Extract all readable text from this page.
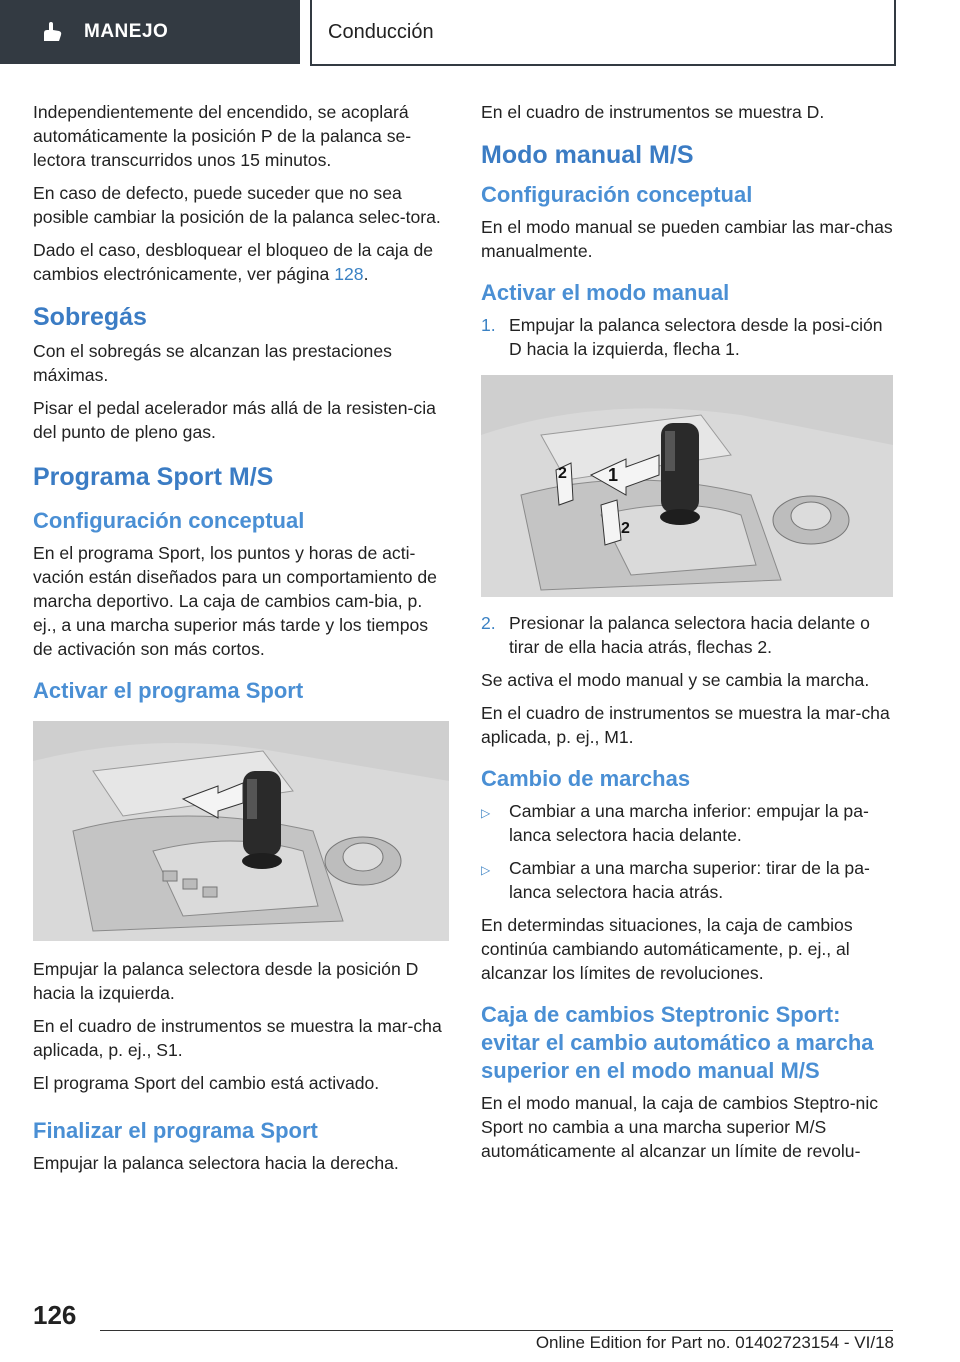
MANEJO	Conducción

Independientemente del encendido, se acoplará automáticamente la posición P de la palanca se‐lectora transcurridos unos 15 minutos.

En caso de defecto, puede suceder que no sea posible cambiar la posición de la palanca selec‐tora.

Dado el caso, desbloquear el bloqueo de la caja de cambios electrónicamente, ver página 128.

Sobregás

Con el sobregás se alcanzan las prestaciones máximas.

Pisar el pedal acelerador más allá de la resisten‐cia del punto de pleno gas.

Programa Sport M/S
Configuración conceptual

En el programa Sport, los puntos y horas de acti‐vación están diseñados para un comportamiento de marcha deportivo. La caja de cambios cam‐bia, p. ej., a una marcha superior más tarde y los tiempos de activación son más cortos.

Activar el programa Sport

Empujar la palanca selectora desde la posición D hacia la izquierda.

En el cuadro de instrumentos se muestra la mar‐cha aplicada, p. ej., S1.

El programa Sport del cambio está activado.

Finalizar el programa Sport

Empujar la palanca selectora hacia la derecha.

En el cuadro de instrumentos se muestra D.

Modo manual M/S
Configuración conceptual

En el modo manual se pueden cambiar las mar‐chas manualmente.

Activar el modo manual
1. Empujar la palanca selectora desde la posi‐ción D hacia la izquierda, flecha 1.
1
2
2
2. Presionar la palanca selectora hacia delante o tirar de ella hacia atrás, flechas 2.

Se activa el modo manual y se cambia la marcha.

En el cuadro de instrumentos se muestra la mar‐cha aplicada, p. ej., M1.

Cambio de marchas
▷	Cambiar a una marcha inferior: empujar la pa‐lanca selectora hacia delante.
▷	Cambiar a una marcha superior: tirar de la pa‐lanca selectora hacia atrás.

En determindas situaciones, la caja de cambios continúa cambiando automáticamente, p. ej., al alcanzar los límites de revoluciones.

Caja de cambios Steptronic Sport: evitar el cambio automático a marcha superior en el modo manual M/S

En el modo manual, la caja de cambios Steptro‐nic Sport no cambia a una marcha superior M/S automáticamente al alcanzar un límite de revolu‐

126
Online Edition for Part no. 01402723154 - VI/18
